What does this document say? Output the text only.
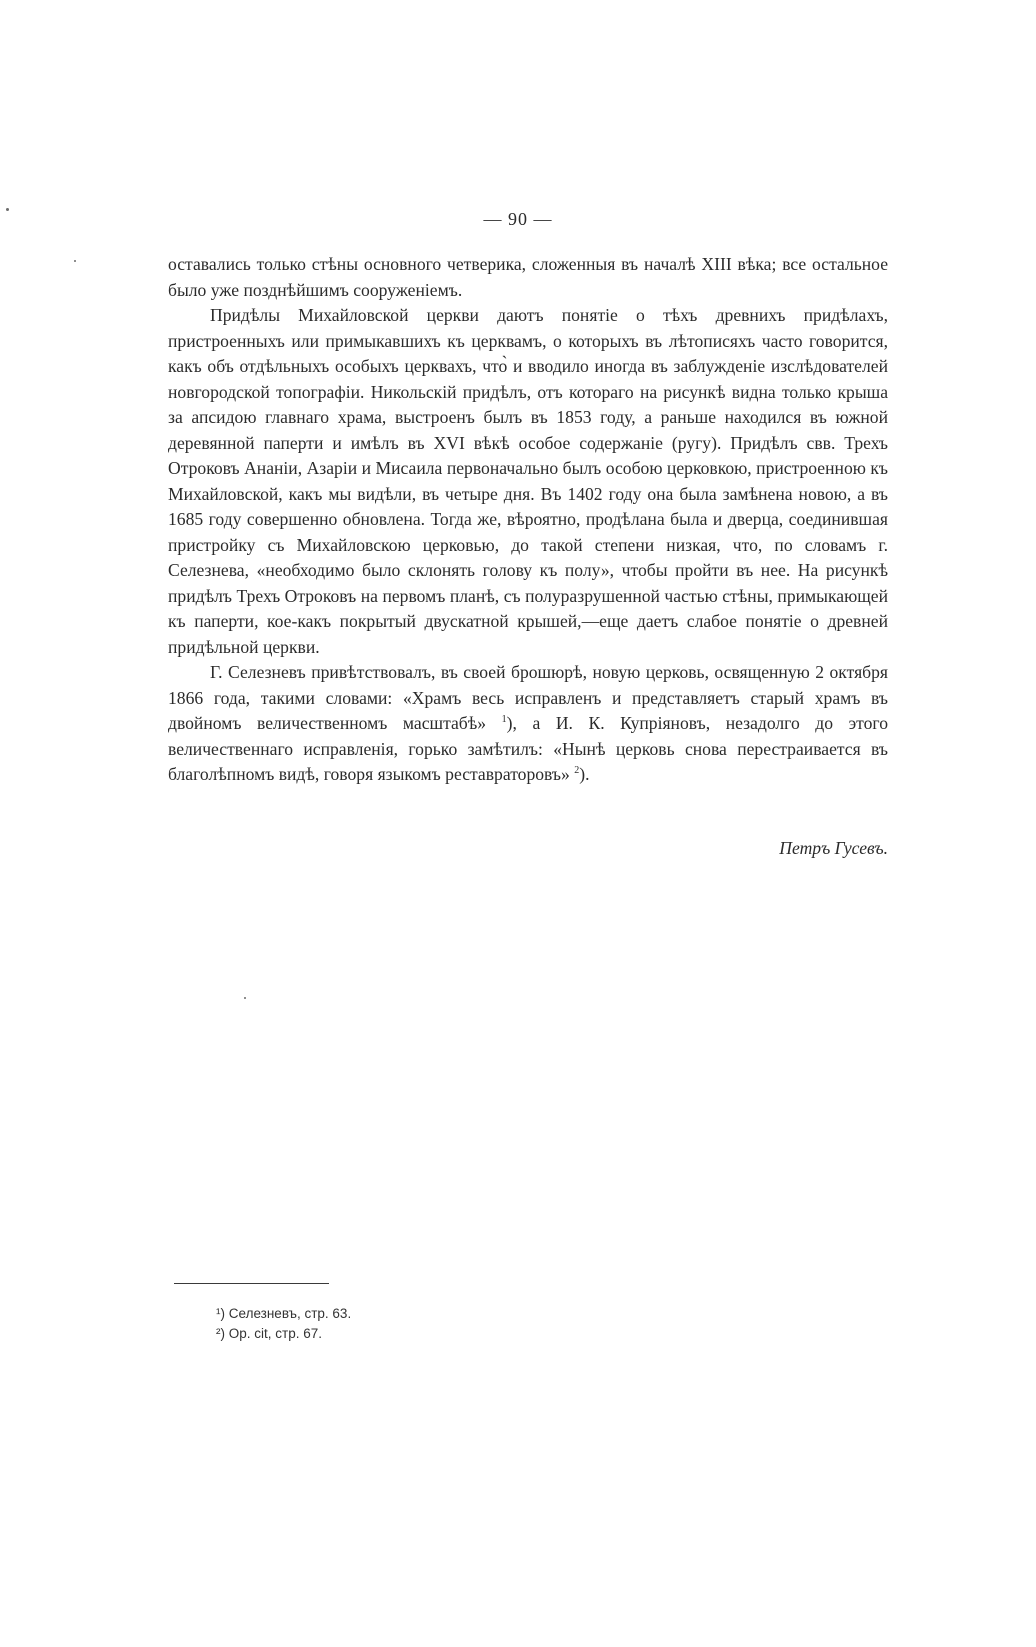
— 90 —

оставались только стѣны основного четверика, сложенныя въ началѣ XIII вѣка; все остальное было уже позднѣйшимъ сооруженіемъ.

Придѣлы Михайловской церкви даютъ понятіе о тѣхъ древнихъ придѣлахъ, пристроенныхъ или примыкавшихъ къ церквамъ, о которыхъ въ лѣтописяхъ часто говорится, какъ объ отдѣльныхъ особыхъ церквахъ, что̀ и вводило иногда въ заблужденіе изслѣдователей новгородской топографіи. Никольскій придѣлъ, отъ котораго на рисункѣ видна только крыша за апсидою главнаго храма, выстроенъ былъ въ 1853 году, а раньше находился въ южной деревянной паперти и имѣлъ въ XVI вѣкѣ особое содержаніе (ругу). Придѣлъ свв. Трехъ Отроковъ Ананіи, Азаріи и Мисаила первоначально былъ особою церковкою, пристроенною къ Михайловской, какъ мы видѣли, въ четыре дня. Въ 1402 году она была замѣнена новою, а въ 1685 году совершенно обновлена. Тогда же, вѣроятно, продѣлана была и дверца, соединившая пристройку съ Михайловскою церковью, до такой степени низкая, что, по словамъ г. Селезнева, «необходимо было склонять голову къ полу», чтобы пройти въ нее. На рисункѣ придѣлъ Трехъ Отроковъ на первомъ планѣ, съ полуразрушенной частью стѣны, примыкающей къ паперти, кое-какъ покрытый двускатной крышей,—еще даетъ слабое понятіе о древней придѣльной церкви.

Г. Селезневъ привѣтствовалъ, въ своей брошюрѣ, новую церковь, освященную 2 октября 1866 года, такими словами: «Храмъ весь исправленъ и представляетъ старый храмъ въ двойномъ величественномъ масштабѣ» $^1$), а И. К. Купріяновъ, незадолго до этого величественнаго исправленія, горько замѣтилъ: «Нынѣ церковь снова перестраивается въ благолѣпномъ видѣ, говоря языкомъ реставраторовъ» $^2$).

Петръ Гусевъ.
¹) Селезневъ, стр. 63.
²) Op. cit, стр. 67.
